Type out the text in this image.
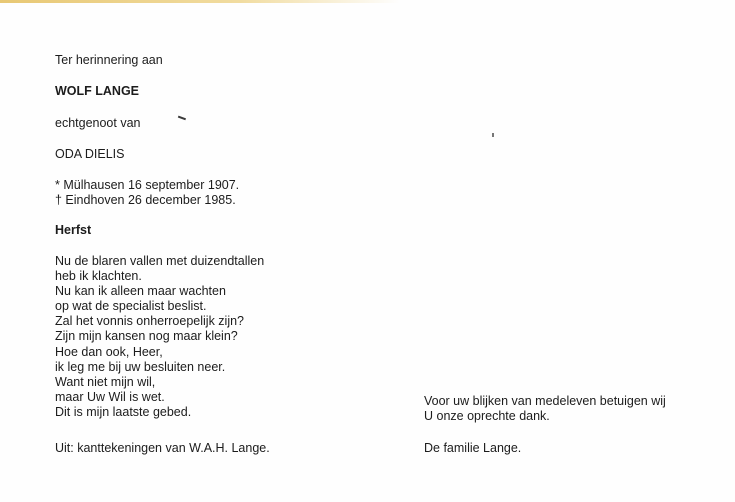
Ter herinnering aan

WOLF LANGE

echtgenoot van

ODA DIELIS

* Mülhausen 16 september 1907.

† Eindhoven 26 december 1985.

Herfst

Nu de blaren vallen met duizendtallen
heb ik klachten.
Nu kan ik alleen maar wachten
op wat de specialist beslist.
Zal het vonnis onherroepelijk zijn?
Zijn mijn kansen nog maar klein?
Hoe dan ook, Heer,
ik leg me bij uw besluiten neer.
Want niet mijn wil,
maar Uw Wil is wet.
Dit is mijn laatste gebed.

Uit: kanttekeningen van W.A.H. Lange.

Voor uw blijken van medeleven betuigen wij

U onze oprechte dank.

De familie Lange.
